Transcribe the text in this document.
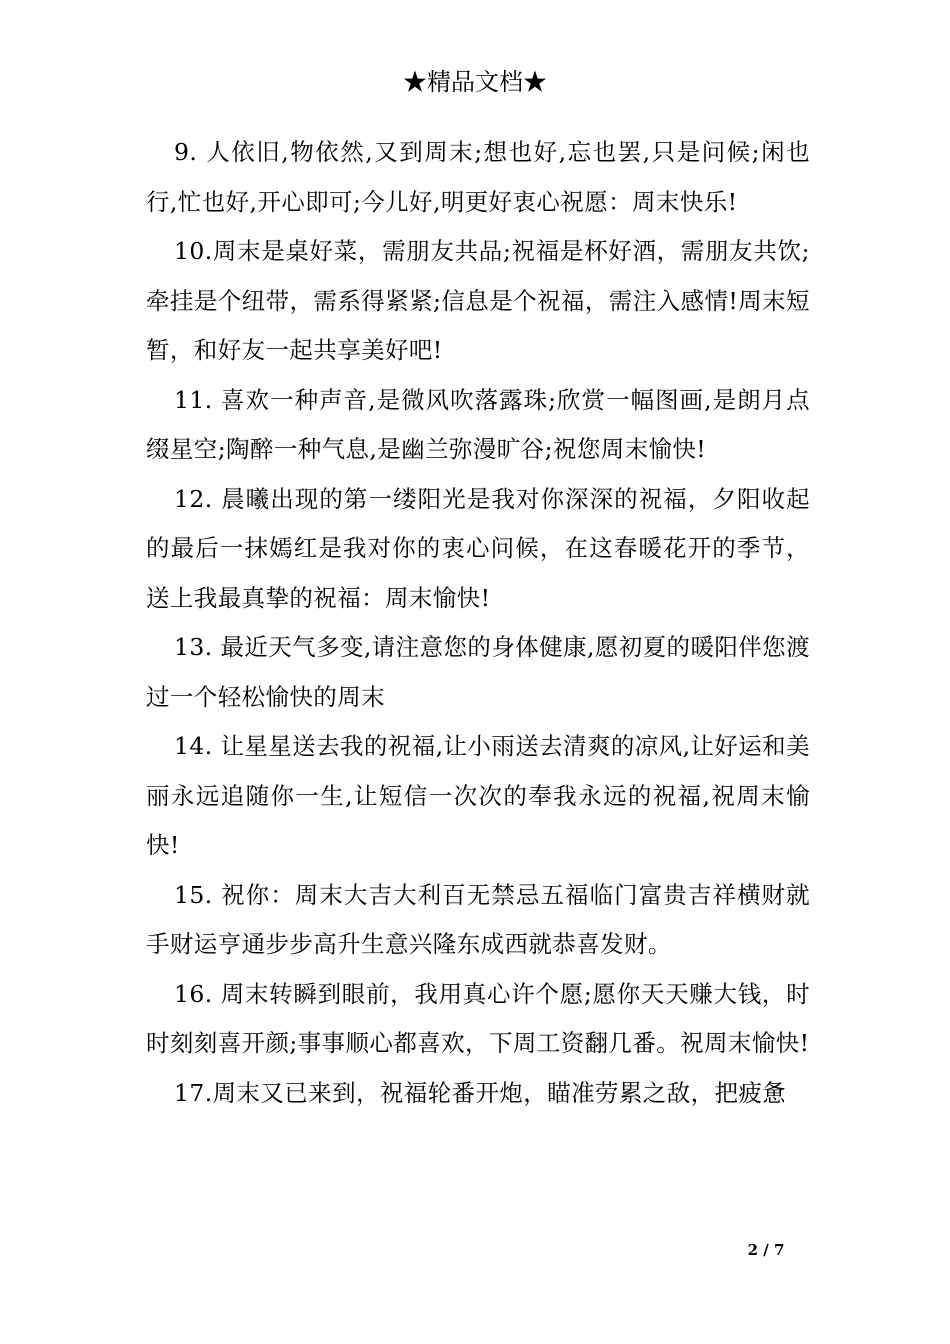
★精品文档★

9. 人依旧,物依然,又到周末;想也好,忘也罢,只是问候;闲也行,忙也好,开心即可;今儿好,明更好衷心祝愿：周末快乐!

10.周末是桌好菜，需朋友共品;祝福是杯好酒，需朋友共饮;牵挂是个纽带，需系得紧紧;信息是个祝福，需注入感情!周末短暂，和好友一起共享美好吧!

11. 喜欢一种声音,是微风吹落露珠;欣赏一幅图画,是朗月点缀星空;陶醉一种气息,是幽兰弥漫旷谷;祝您周末愉快!

12. 晨曦出现的第一缕阳光是我对你深深的祝福，夕阳收起的最后一抹嫣红是我对你的衷心问候，在这春暖花开的季节，送上我最真挚的祝福：周末愉快!

13. 最近天气多变,请注意您的身体健康,愿初夏的暖阳伴您渡过一个轻松愉快的周末

14. 让星星送去我的祝福,让小雨送去清爽的凉风,让好运和美丽永远追随你一生,让短信一次次的奉我永远的祝福,祝周末愉快!

15. 祝你：周末大吉大利百无禁忌五福临门富贵吉祥横财就手财运亨通步步高升生意兴隆东成西就恭喜发财。

16. 周末转瞬到眼前，我用真心许个愿;愿你天天赚大钱，时时刻刻喜开颜;事事顺心都喜欢，下周工资翻几番。祝周末愉快!

17.周末又已来到，祝福轮番开炮，瞄准劳累之敌，把疲惫

2 / 7
